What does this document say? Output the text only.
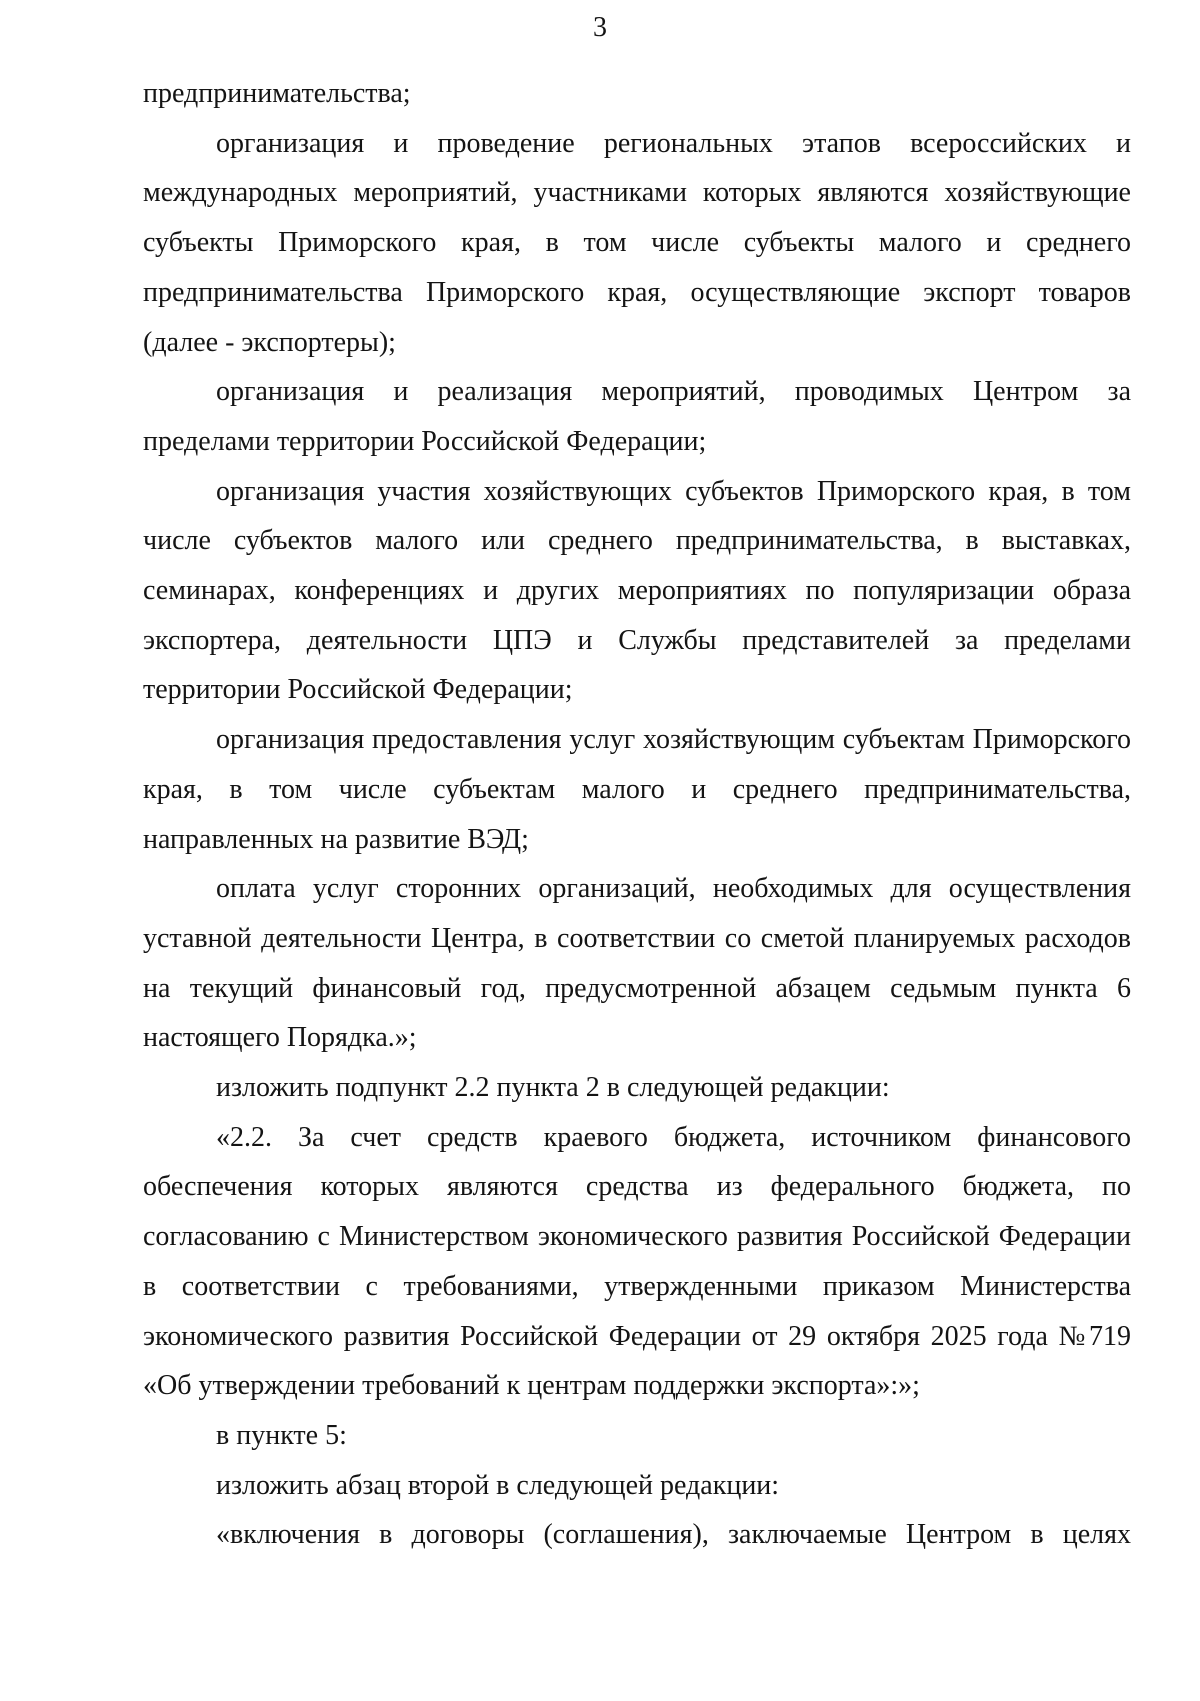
3

предпринимательства;

организация и проведение региональных этапов всероссийских и международных мероприятий, участниками которых являются хозяйствующие субъекты Приморского края, в том числе субъекты малого и среднего предпринимательства Приморского края, осуществляющие экспорт товаров (далее - экспортеры);

организация и реализация мероприятий, проводимых Центром за пределами территории Российской Федерации;

организация участия хозяйствующих субъектов Приморского края, в том числе субъектов малого или среднего предпринимательства, в выставках, семинарах, конференциях и других мероприятиях по популяризации образа экспортера, деятельности ЦПЭ и Службы представителей за пределами территории Российской Федерации;

организация предоставления услуг хозяйствующим субъектам Приморского края, в том числе субъектам малого и среднего предпринимательства, направленных на развитие ВЭД;

оплата услуг сторонних организаций, необходимых для осуществления уставной деятельности Центра, в соответствии со сметой планируемых расходов на текущий финансовый год, предусмотренной абзацем седьмым пункта 6 настоящего Порядка.»;

изложить подпункт 2.2 пункта 2 в следующей редакции:

«2.2. За счет средств краевого бюджета, источником финансового обеспечения которых являются средства из федерального бюджета, по согласованию с Министерством экономического развития Российской Федерации в соответствии с требованиями, утвержденными приказом Министерства экономического развития Российской Федерации от 29 октября 2025 года №719 «Об утверждении требований к центрам поддержки экспорта»:»;

в пункте 5:

изложить абзац второй в следующей редакции:

«включения в договоры (соглашения), заключаемые Центром в целях
